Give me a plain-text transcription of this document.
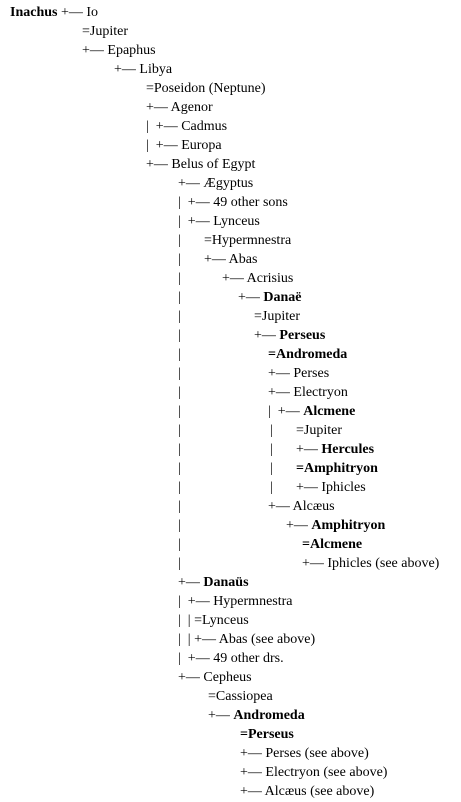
Inachus +— Io
=Jupiter
+— Epaphus
+— Libya
=Poseidon (Neptune)
+— Agenor
|  +— Cadmus
|  +— Europa
+— Belus of Egypt
+— Ægyptus
|  +— 49 other sons
|  +— Lynceus
| =Hypermnestra
| +— Abas
|	+— Acrisius
|	+— Danaë
|	=Jupiter
|	+— Perseus
|	=Andromeda
|	+— Perses
|	+— Electryon
|	|  +— Alcmene
|	| =Jupiter
|	| +— Hercules
|	| =Amphitryon
|	| +— Iphicles
|	+— Alcæus
|	+— Amphitryon
|	=Alcmene
|	+— Iphicles (see above)
+— Danaüs
|  +— Hypermnestra
|  | =Lynceus
|  | +— Abas (see above)
|  +— 49 other drs.
+— Cepheus
=Cassiopea
+— Andromeda
=Perseus
+— Perses (see above)
+— Electryon (see above)
+— Alcæus (see above)
